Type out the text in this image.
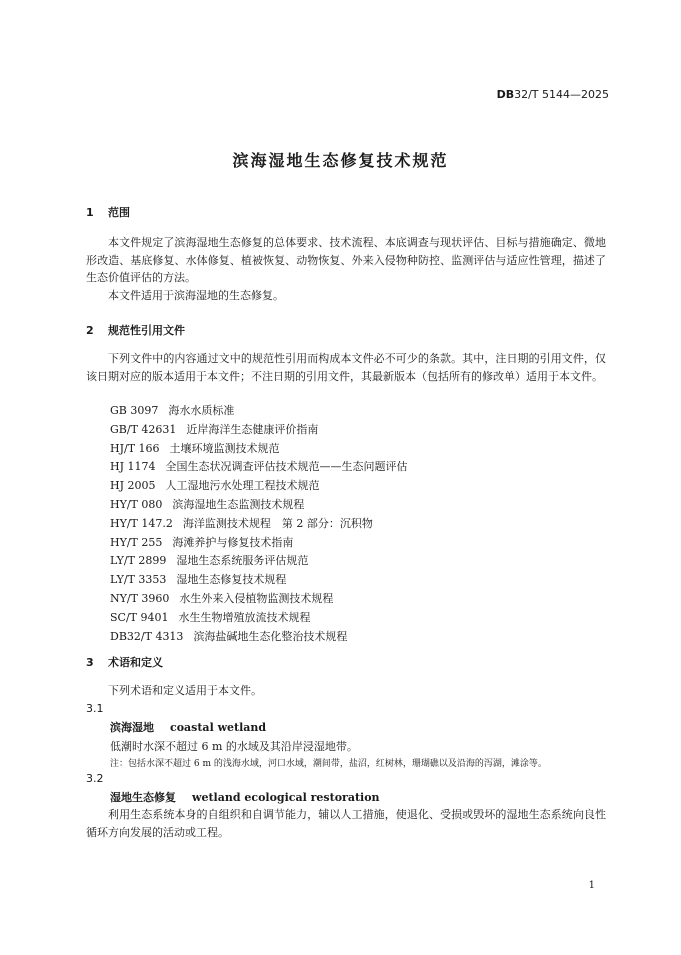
DB32/T 5144—2025
滨海湿地生态修复技术规范
1 范围

本文件规定了滨海湿地生态修复的总体要求、技术流程、本底调查与现状评估、目标与措施确定、微地形改造、基底修复、水体修复、植被恢复、动物恢复、外来入侵物种防控、监测评估与适应性管理，描述了生态价值评估的方法。

本文件适用于滨海湿地的生态修复。

2 规范性引用文件

下列文件中的内容通过文中的规范性引用而构成本文件必不可少的条款。其中，注日期的引用文件，仅该日期对应的版本适用于本文件；不注日期的引用文件，其最新版本（包括所有的修改单）适用于本文件。

GB 3097 海水水质标准
GB/T 42631 近岸海洋生态健康评价指南
HJ/T 166 土壤环境监测技术规范
HJ 1174 全国生态状况调查评估技术规范——生态问题评估
HJ 2005 人工湿地污水处理工程技术规范
HY/T 080 滨海湿地生态监测技术规程
HY/T 147.2 海洋监测技术规程　第 2 部分：沉积物
HY/T 255 海滩养护与修复技术指南
LY/T 2899 湿地生态系统服务评估规范
LY/T 3353 湿地生态修复技术规程
NY/T 3960 水生外来入侵植物监测技术规程
SC/T 9401 水生生物增殖放流技术规程
DB32/T 4313 滨海盐碱地生态化整治技术规程
3 术语和定义

下列术语和定义适用于本文件。

3.1
滨海湿地 coastal wetland
低潮时水深不超过 6 m 的水域及其沿岸浸湿地带。
注：包括水深不超过 6 m 的浅海水域，河口水域，潮间带，盐沼，红树林，珊瑚礁以及沿海的泻湖，滩涂等。
3.2
湿地生态修复 wetland ecological restoration

利用生态系统本身的自组织和自调节能力，辅以人工措施，使退化、受损或毁坏的湿地生态系统向良性循环方向发展的活动或工程。

1
